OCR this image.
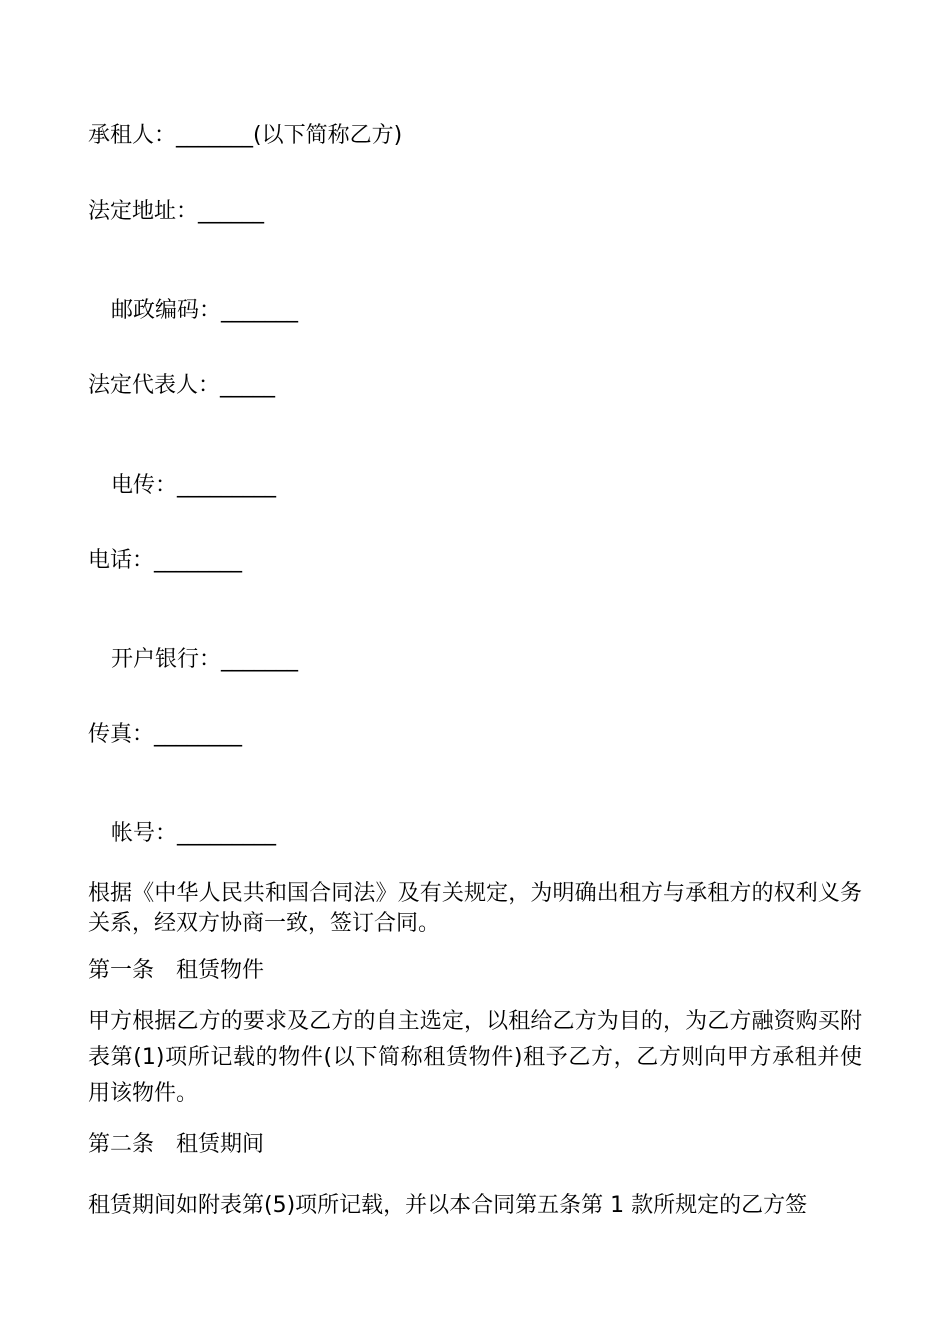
承租人：_______(以下简称乙方)
法定地址：______
邮政编码：_______
法定代表人：_____
电传：_________
电话：________
开户银行：_______
传真：________
帐号：_________
根据《中华人民共和国合同法》及有关规定，为明确出租方与承租方的权利义务关系，经双方协商一致，签订合同。
第一条　租赁物件
甲方根据乙方的要求及乙方的自主选定，以租给乙方为目的，为乙方融资购买附表第(1)项所记载的物件(以下简称租赁物件)租予乙方，乙方则向甲方承租并使用该物件。
第二条　租赁期间
租赁期间如附表第(5)项所记载，并以本合同第五条第 1 款所规定的乙方签
